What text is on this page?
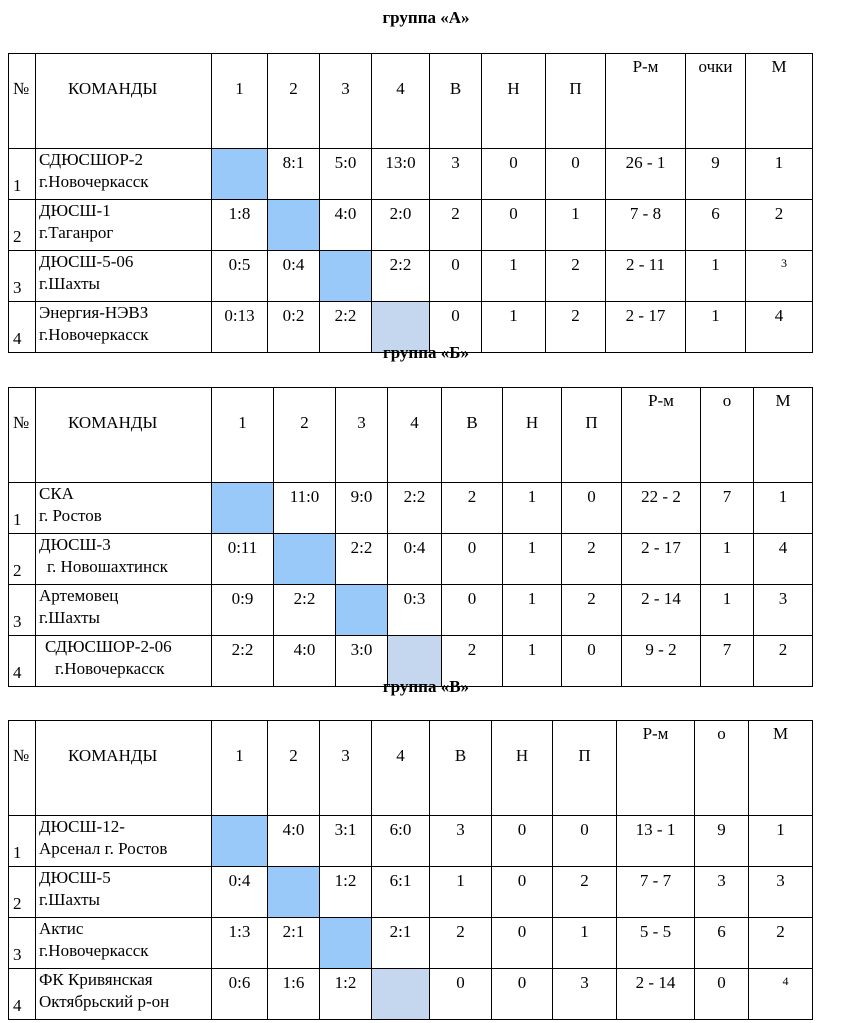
группа «А»
№	КОМАНДЫ	1	2	3	4	В	Н	П	Р-м	очки	М

1	СДЮСШОР-2
г.Новочеркасск		8:1	5:0	13:0	3	0	0	26 - 1	9	1

2	ДЮСШ-1
г.Таганрог	1:8		4:0	2:0	2	0	1	7 - 8	6	2

3	ДЮСШ-5-06
г.Шахты	0:5	0:4		2:2	0	1	2	2 - 11	1	$^3$

4	Энергия-НЭВЗ
г.Новочеркасск	0:13	0:2	2:2		0	1	2	2 - 17	1	4
группа «Б»
№	КОМАНДЫ	1	2	3	4	В	Н	П	Р-м	о	М

1	СКА
г. Ростов		11:0	9:0	2:2	2	1	0	22 - 2	7	1

2	ДЮСШ-3
г. Новошахтинск	0:11		2:2	0:4	0	1	2	2 - 17	1	4

3	Артемовец
г.Шахты	0:9	2:2		0:3	0	1	2	2 - 14	1	3

4	СДЮСШОР-2-06
г.Новочеркасск	2:2	4:0	3:0		2	1	0	9 - 2	7	2
группа «В»
№	КОМАНДЫ	1	2	3	4	В	Н	П	Р-м	о	М

1	ДЮСШ-12-
Арсенал г. Ростов		4:0	3:1	6:0	3	0	0	13 - 1	9	1

2	ДЮСШ-5
г.Шахты	0:4		1:2	6:1	1	0	2	7 - 7	3	3

3	Актис
г.Новочеркасск	1:3	2:1		2:1	2	0	1	5 - 5	6	2

4	ФК Кривянская
Октябрьский р-он	0:6	1:6	1:2		0	0	3	2 - 14	0	$^4$
